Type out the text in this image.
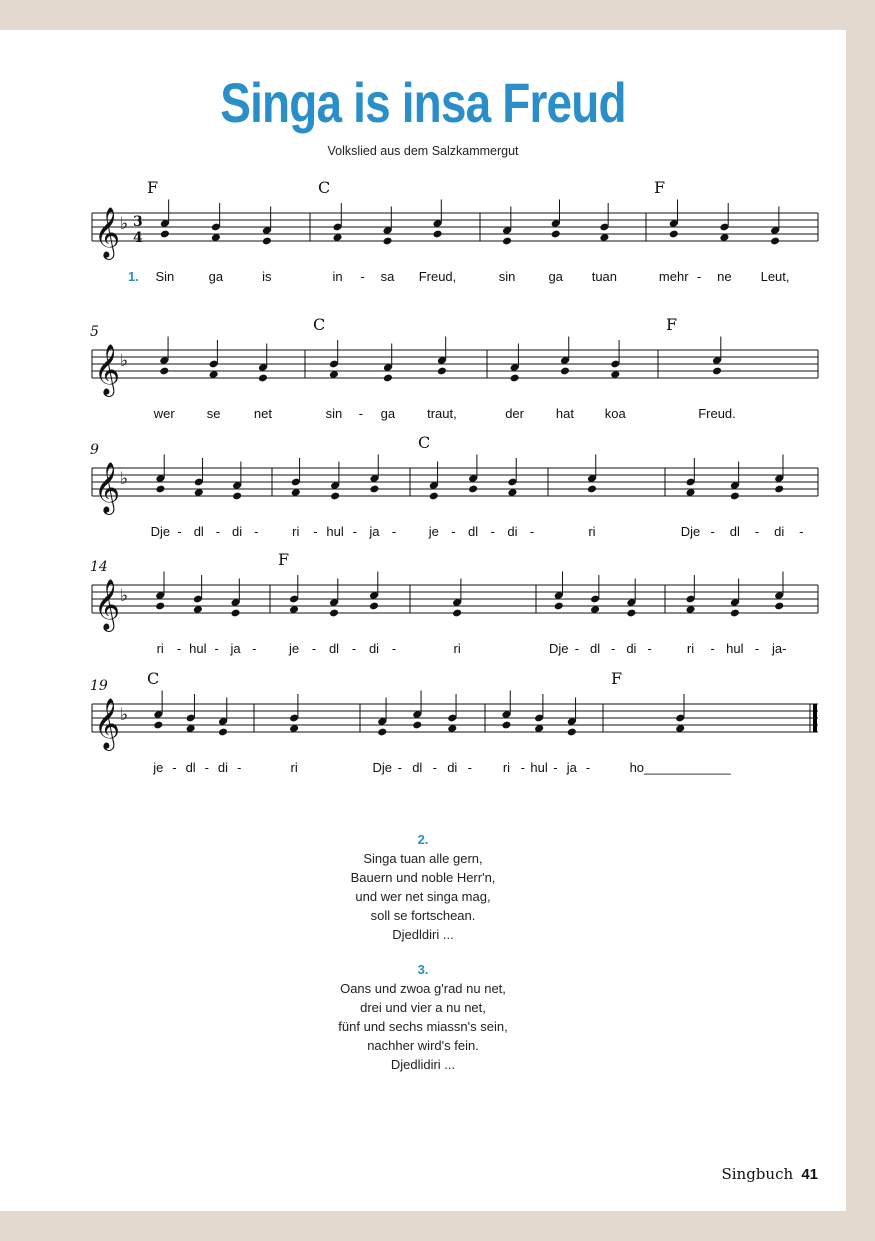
Singa is insa Freud
Volkslied aus dem Salzkammergut
𝄞 ♭ 3
4
F	C	F
Sin	ga	is	in - sa Freud,	sin	ga tuan	mehr - ne Leut,
1.
𝄞 ♭
5	C	F
wer se	net	sin - ga traut,	der hat koa	Freud.
𝄞 ♭
9	C
Dje - dl - di -	ri - hul - ja - je - dl - di -	ri	Dje - dl - di -
𝄞 ♭
14	F
ri - hul - ja - je - dl - di -	ri	Dje - dl - di -	ri - hul - ja-
𝄞 ♭
19 C	F
je - dl - di -	ri	Dje - dl - di - ri - hul - ja -	ho____________
2.
Singa tuan alle gern,
Bauern und noble Herr'n,
und wer net singa mag,
soll se fortschean.
Djedldiri ...
3.
Oans und zwoa g'rad nu net,
drei und vier a nu net,
fünf und sechs miassn's sein,
nachher wird's fein.
Djedlidiri ...
Singbuch 41
